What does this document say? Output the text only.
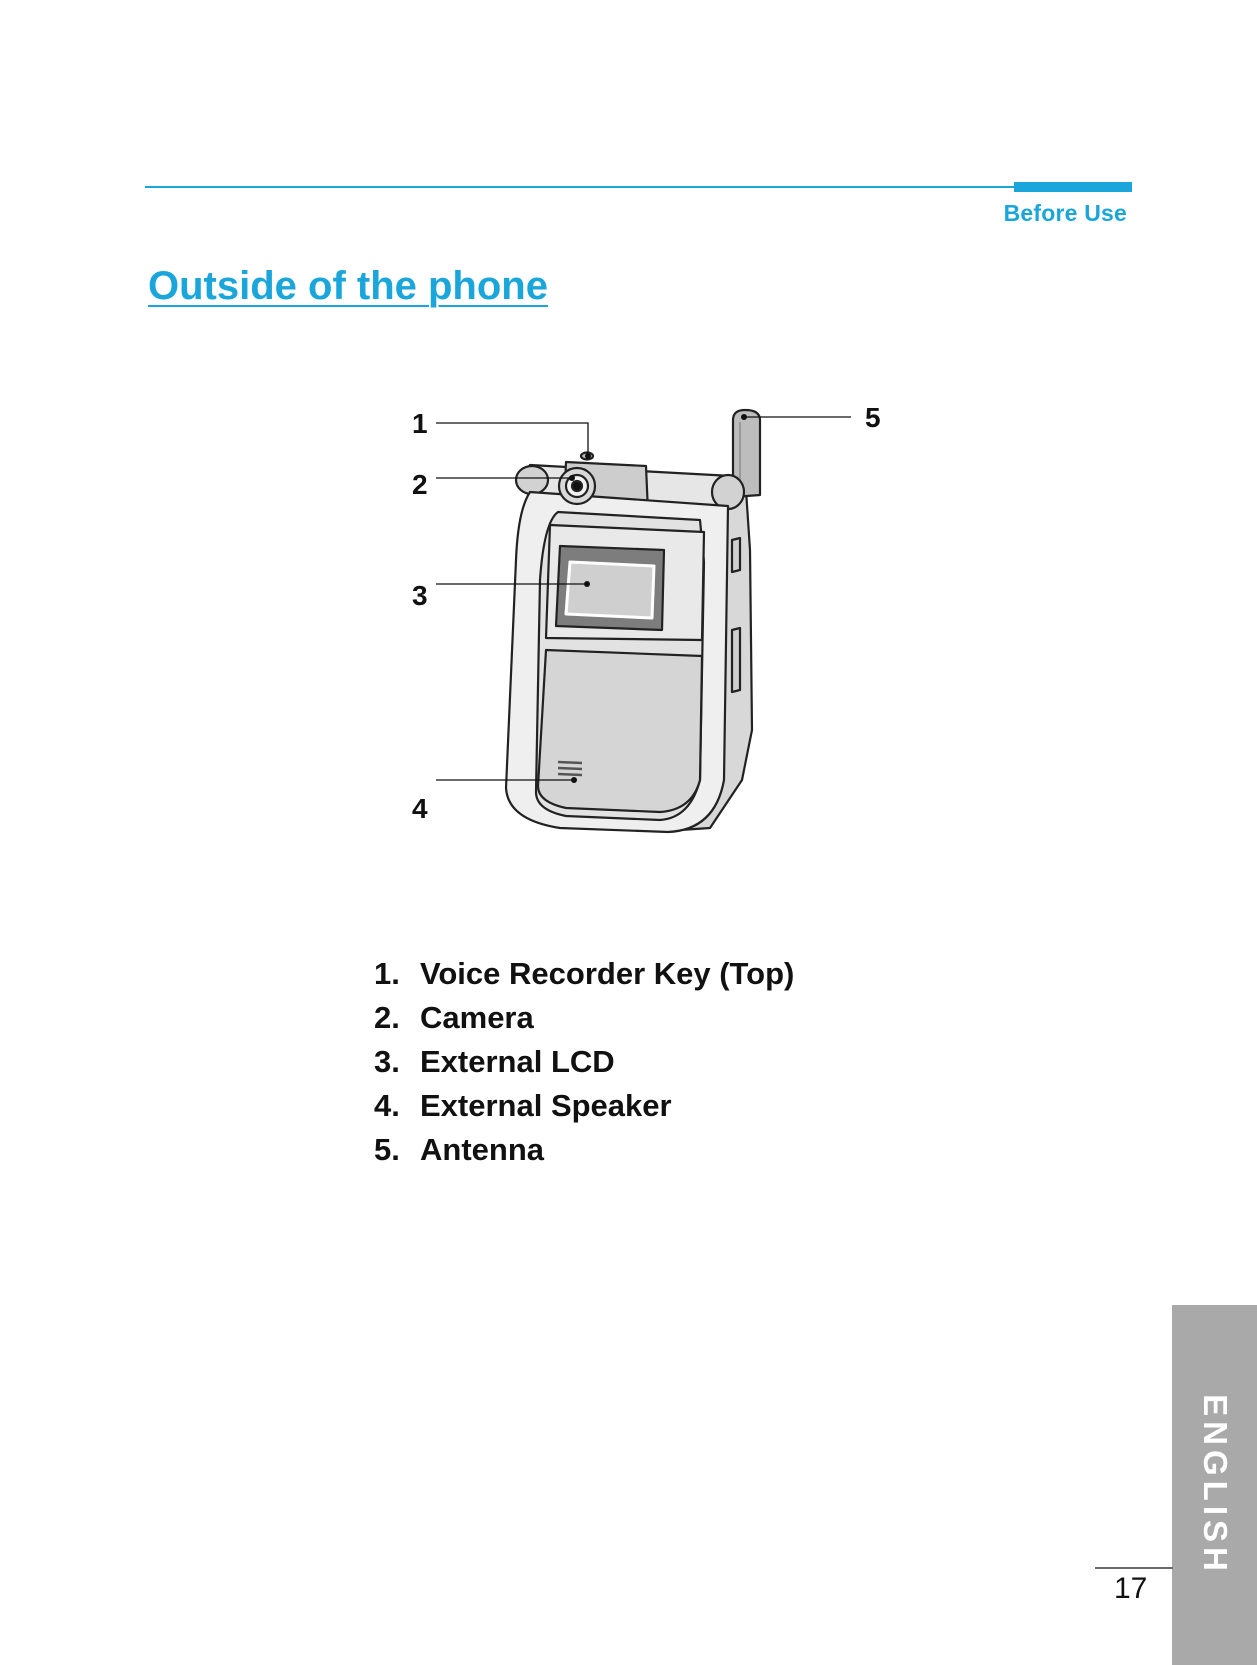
Before Use
Outside of the phone
1
2
3
4
5
1. Voice Recorder Key (Top)
2. Camera
3. External LCD
4. External Speaker
5. Antenna
ENGLISH
17
